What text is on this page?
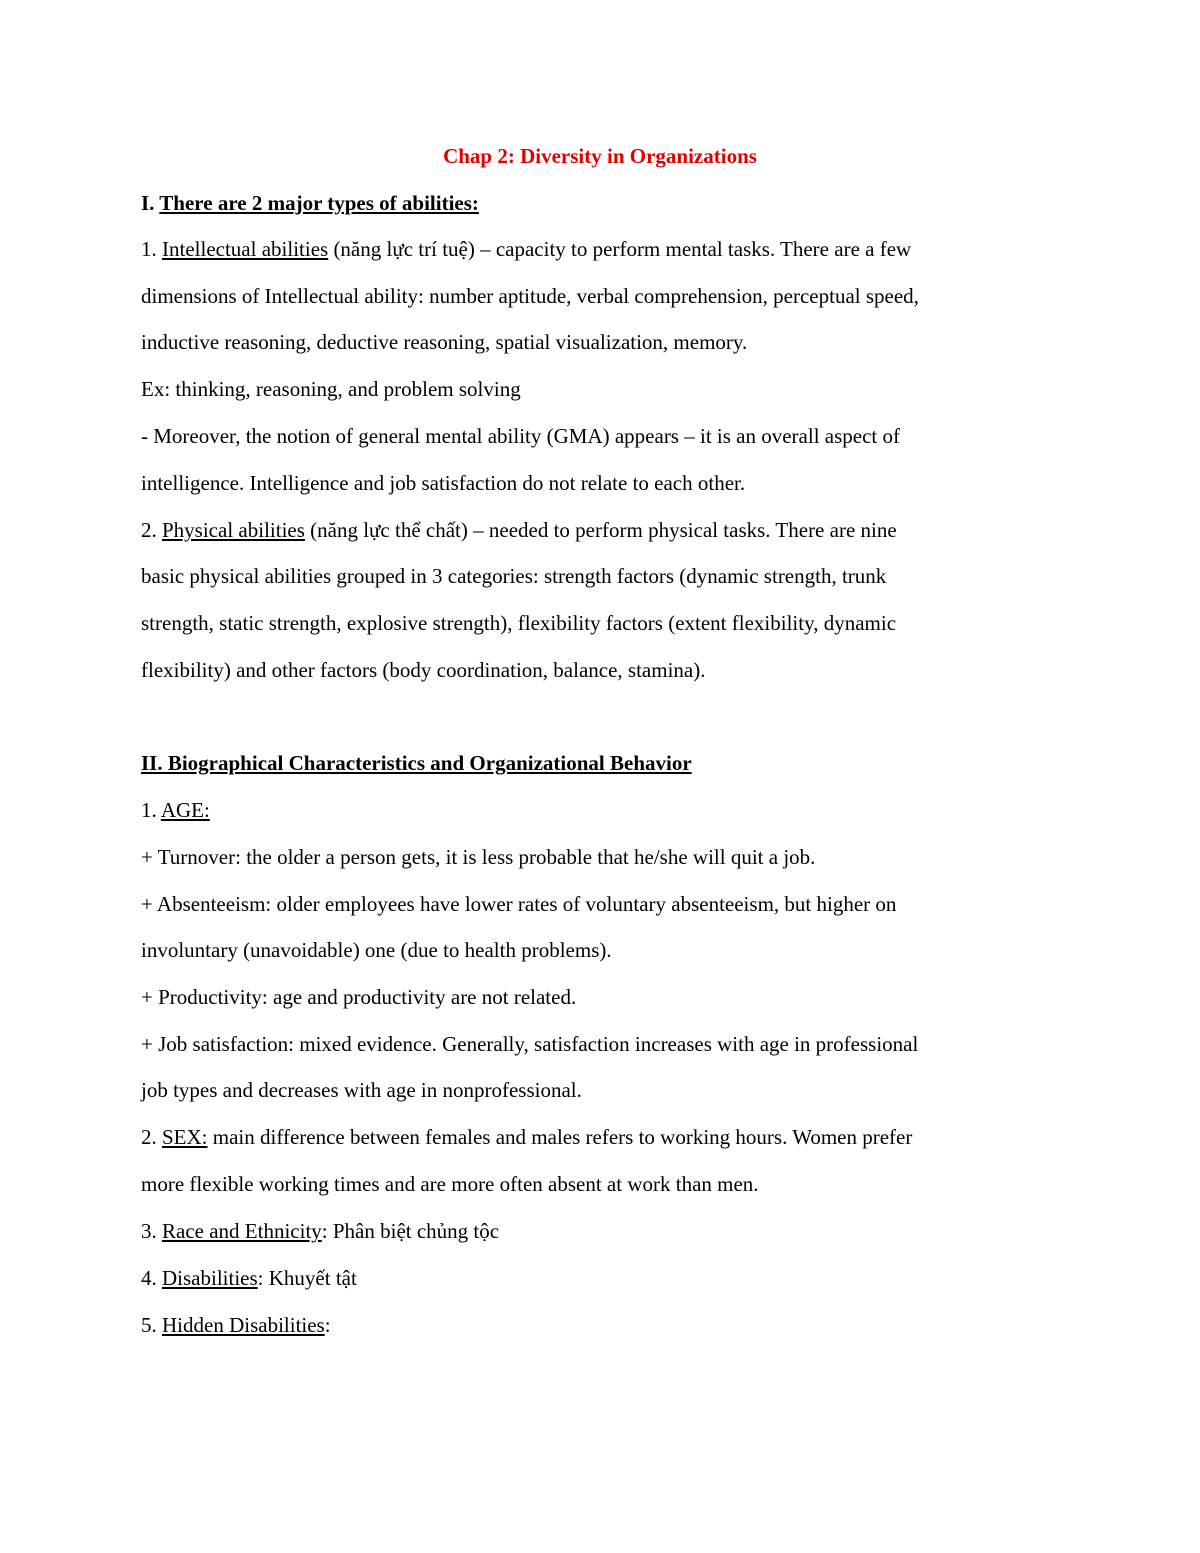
Chap 2: Diversity in Organizations
I. There are 2 major types of abilities:
1. Intellectual abilities (năng lực trí tuệ) – capacity to perform mental tasks. There are a few
dimensions of Intellectual ability: number aptitude, verbal comprehension, perceptual speed,
inductive reasoning, deductive reasoning, spatial visualization, memory.
Ex: thinking, reasoning, and problem solving
- Moreover, the notion of general mental ability (GMA) appears – it is an overall aspect of
intelligence. Intelligence and job satisfaction do not relate to each other.
2. Physical abilities (năng lực thể chất) – needed to perform physical tasks. There are nine
basic physical abilities grouped in 3 categories: strength factors (dynamic strength, trunk
strength, static strength, explosive strength), flexibility factors (extent flexibility, dynamic
flexibility) and other factors (body coordination, balance, stamina).
II. Biographical Characteristics and Organizational Behavior
1. AGE:
+ Turnover: the older a person gets, it is less probable that he/she will quit a job.
+ Absenteeism: older employees have lower rates of voluntary absenteeism, but higher on
involuntary (unavoidable) one (due to health problems).
+ Productivity: age and productivity are not related.
+ Job satisfaction: mixed evidence. Generally, satisfaction increases with age in professional
job types and decreases with age in nonprofessional.
2. SEX: main difference between females and males refers to working hours. Women prefer
more flexible working times and are more often absent at work than men.
3. Race and Ethnicity: Phân biệt chủng tộc
4. Disabilities: Khuyết tật
5. Hidden Disabilities:
